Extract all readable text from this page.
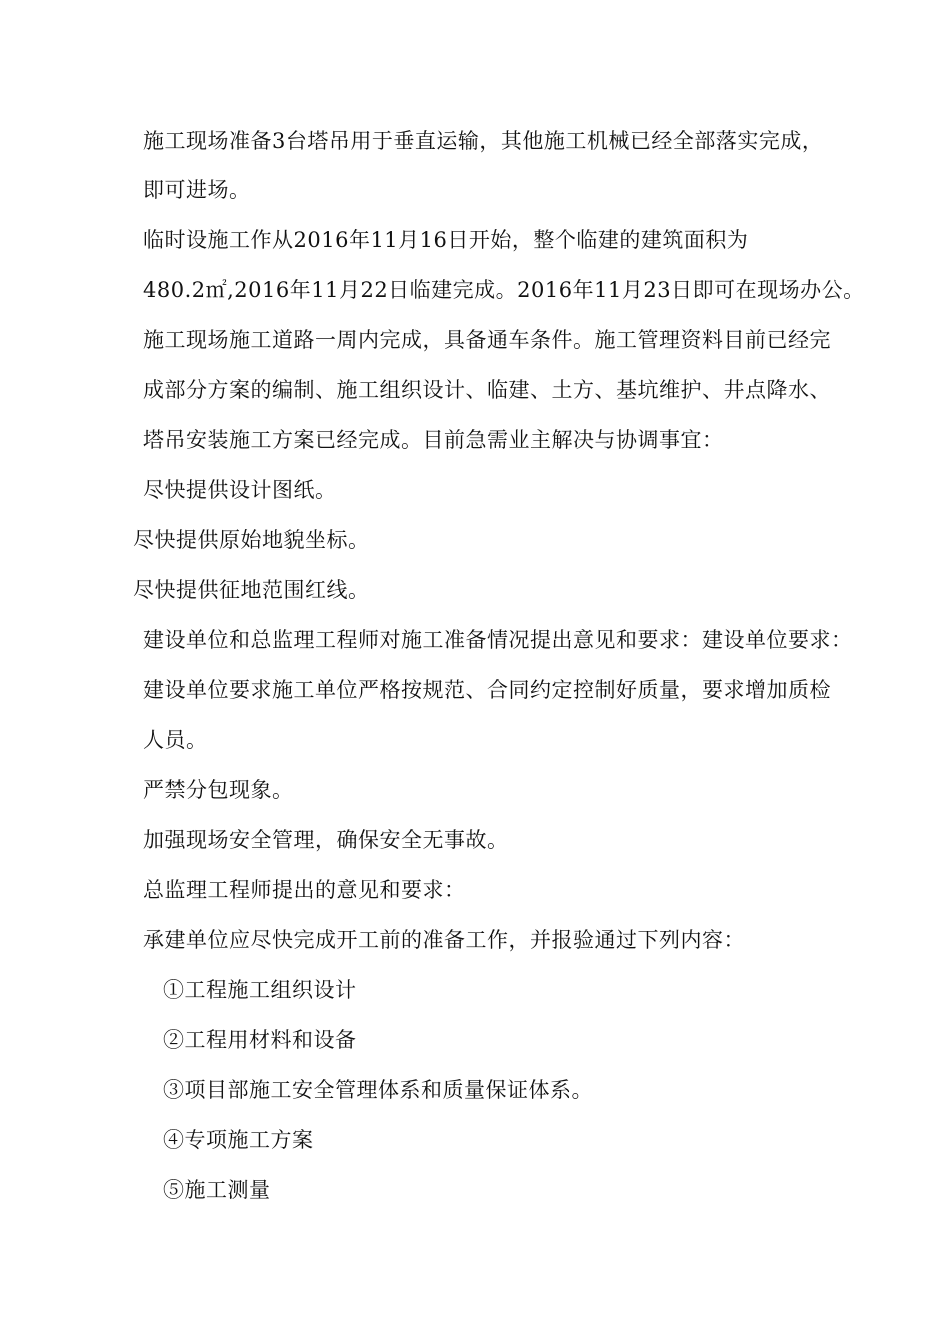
施工现场准备3台塔吊用于垂直运输，其他施工机械已经全部落实完成，
即可进场。
临时设施工作从2016年11月16日开始，整个临建的建筑面积为
480.2㎡,2016年11月22日临建完成。2016年11月23日即可在现场办公。
施工现场施工道路一周内完成，具备通车条件。施工管理资料目前已经完
成部分方案的编制、施工组织设计、临建、土方、基坑维护、井点降水、
塔吊安装施工方案已经完成。目前急需业主解决与协调事宜：
尽快提供设计图纸。
尽快提供原始地貌坐标。
尽快提供征地范围红线。
建设单位和总监理工程师对施工准备情况提出意见和要求：建设单位要求：
建设单位要求施工单位严格按规范、合同约定控制好质量，要求增加质检
人员。
严禁分包现象。
加强现场安全管理，确保安全无事故。
总监理工程师提出的意见和要求：
承建单位应尽快完成开工前的准备工作，并报验通过下列内容：
①工程施工组织设计
②工程用材料和设备
③项目部施工安全管理体系和质量保证体系。
④专项施工方案
⑤施工测量
